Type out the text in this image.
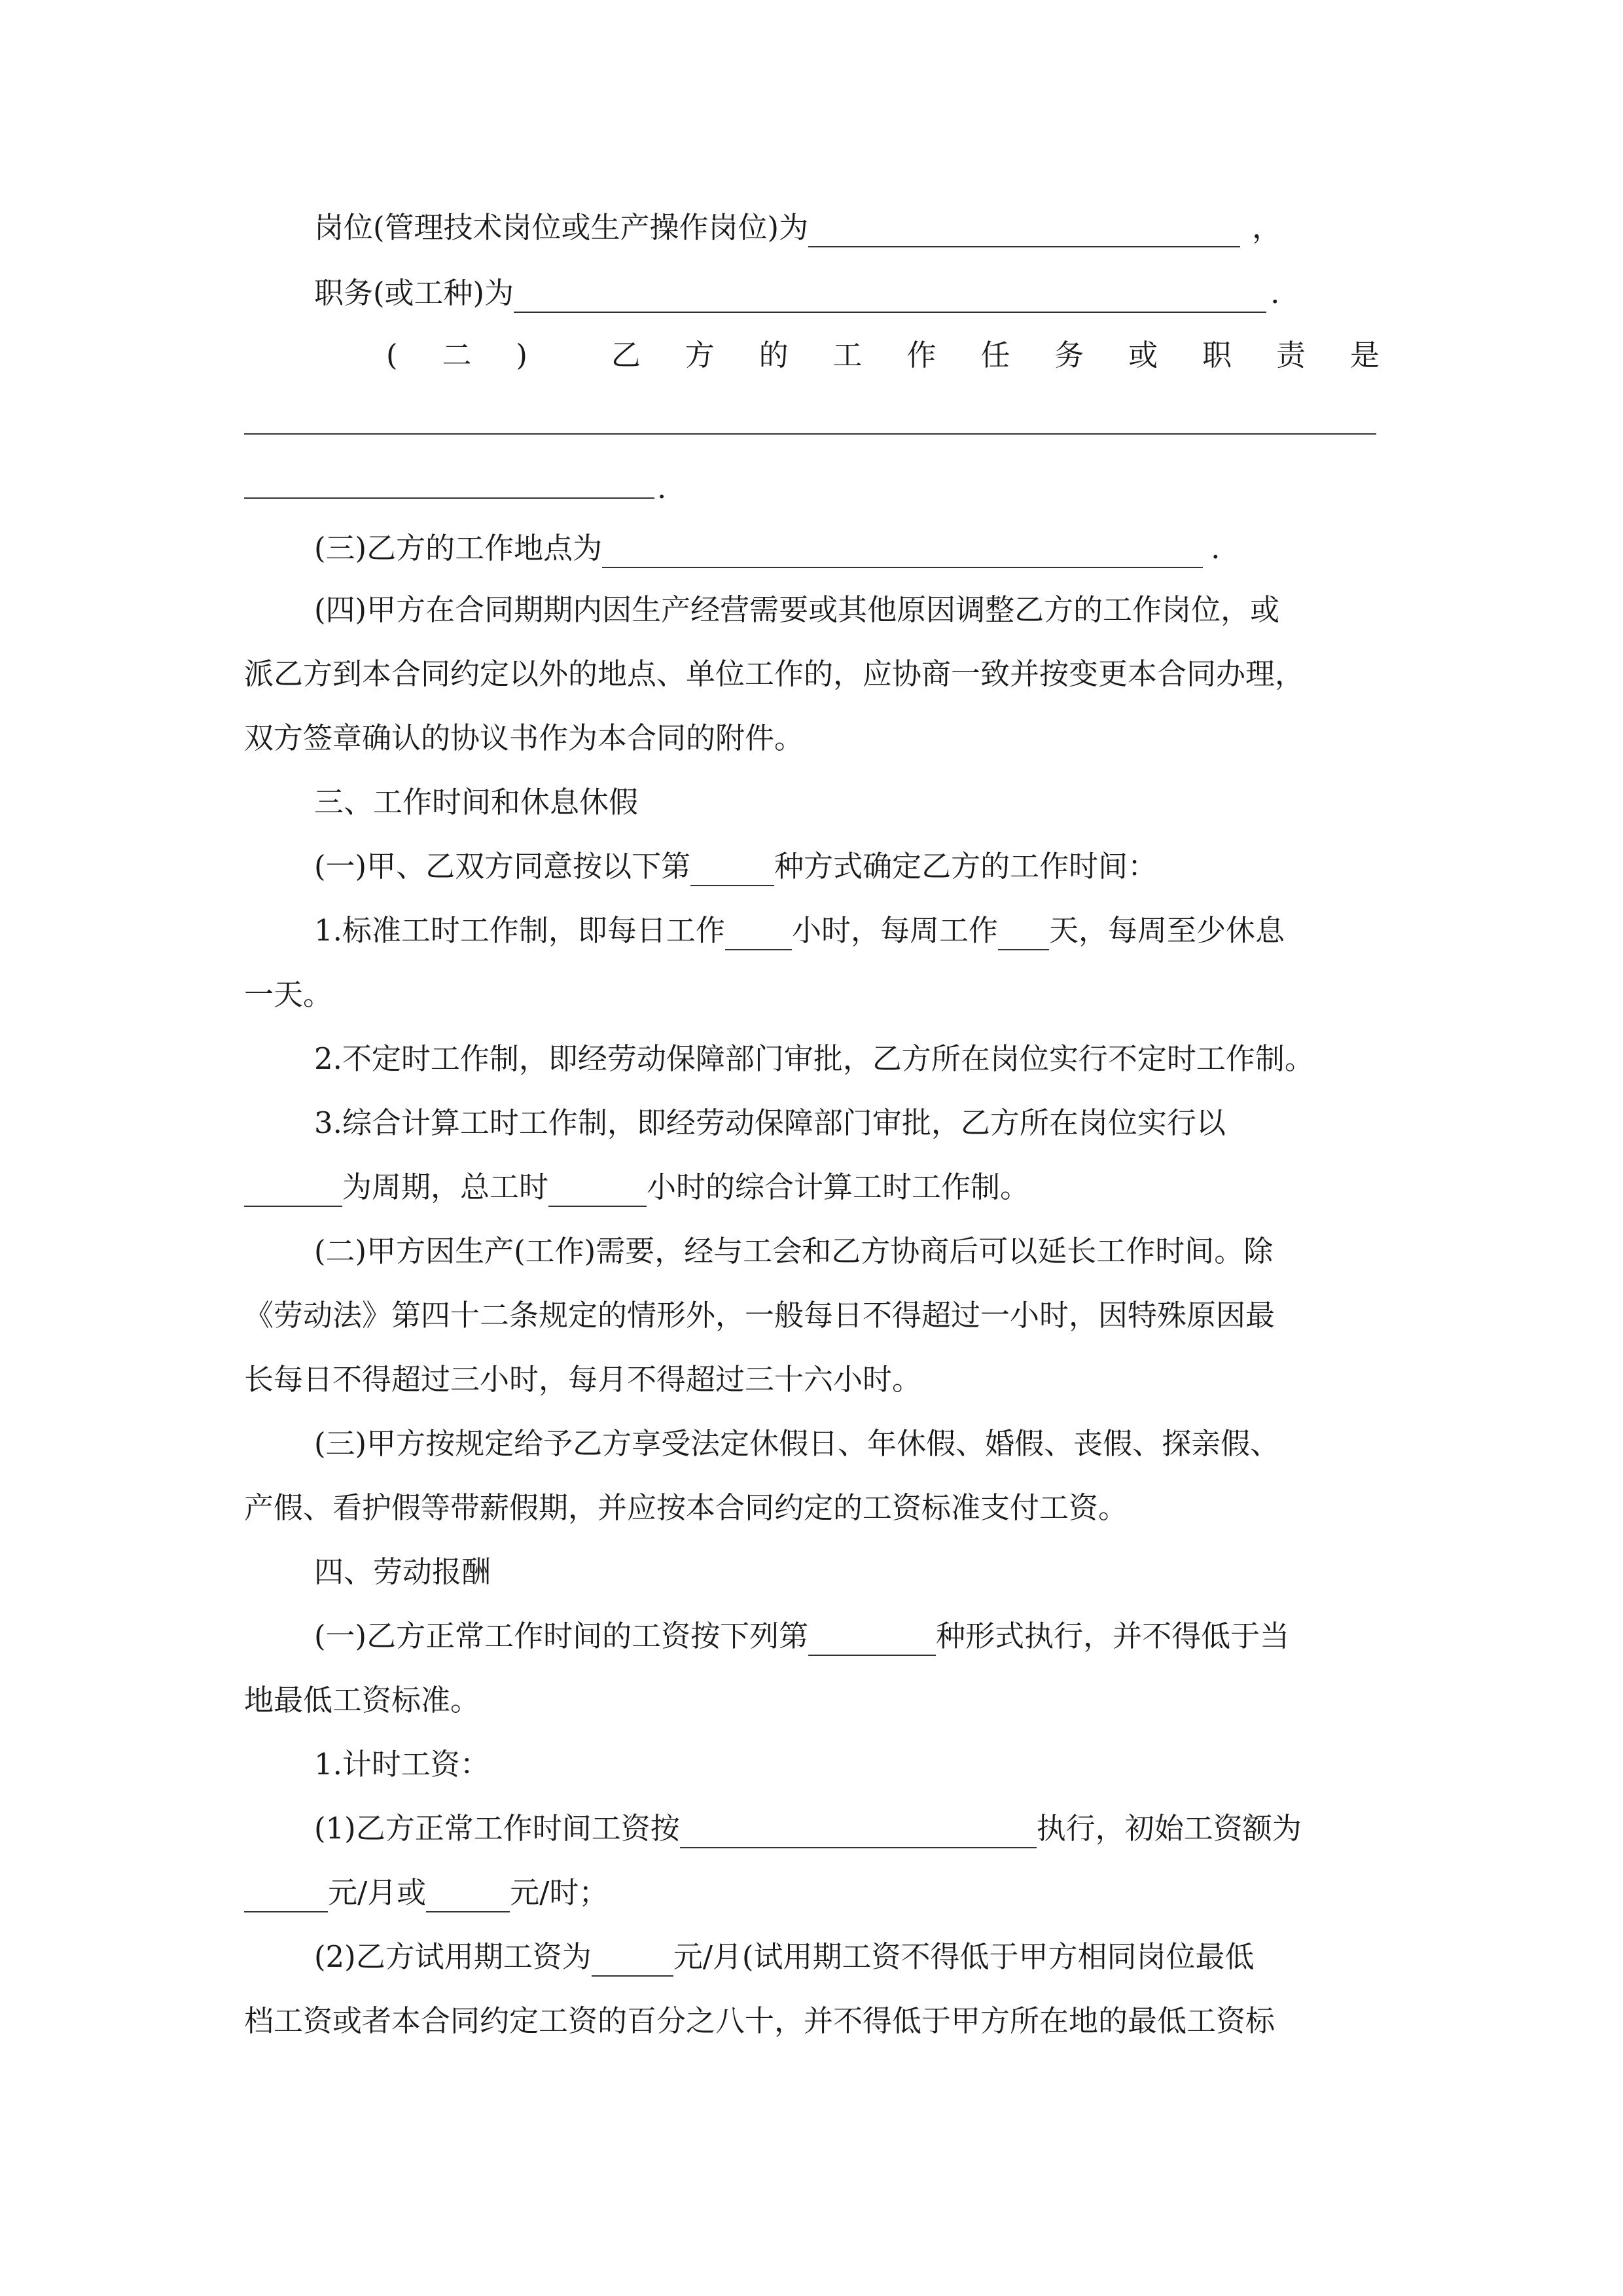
岗位(管理技术岗位或生产操作岗位)为	，
职务(或工种)为	.
( 二 )	乙 方 的 工 作 任 务 或 职 责 是
.
(三)乙方的工作地点为	.
(四)甲方在合同期期内因生产经营需要或其他原因调整乙方的工作岗位，或
派乙方到本合同约定以外的地点、单位工作的，应协商一致并按变更本合同办理，
双方签章确认的协议书作为本合同的附件。
三、工作时间和休息休假
(一)甲、乙双方同意按以下第	种方式确定乙方的工作时间：
1.标准工时工作制，即每日工作 小时，每周工作 天，每周至少休息
一天。
2.不定时工作制，即经劳动保障部门审批，乙方所在岗位实行不定时工作制。
3.综合计算工时工作制，即经劳动保障部门审批，乙方所在岗位实行以
为周期，总工时	小时的综合计算工时工作制。
(二)甲方因生产(工作)需要，经与工会和乙方协商后可以延长工作时间。除
《劳动法》第四十二条规定的情形外，一般每日不得超过一小时，因特殊原因最
长每日不得超过三小时，每月不得超过三十六小时。
(三)甲方按规定给予乙方享受法定休假日、年休假、婚假、丧假、探亲假、
产假、看护假等带薪假期，并应按本合同约定的工资标准支付工资。
四、劳动报酬
(一)乙方正常工作时间的工资按下列第	种形式执行，并不得低于当
地最低工资标准。
1.计时工资：
(1)乙方正常工作时间工资按	执行，初始工资额为
元/月或	元/时；
(2)乙方试用期工资为	元/月(试用期工资不得低于甲方相同岗位最低
档工资或者本合同约定工资的百分之八十，并不得低于甲方所在地的最低工资标
